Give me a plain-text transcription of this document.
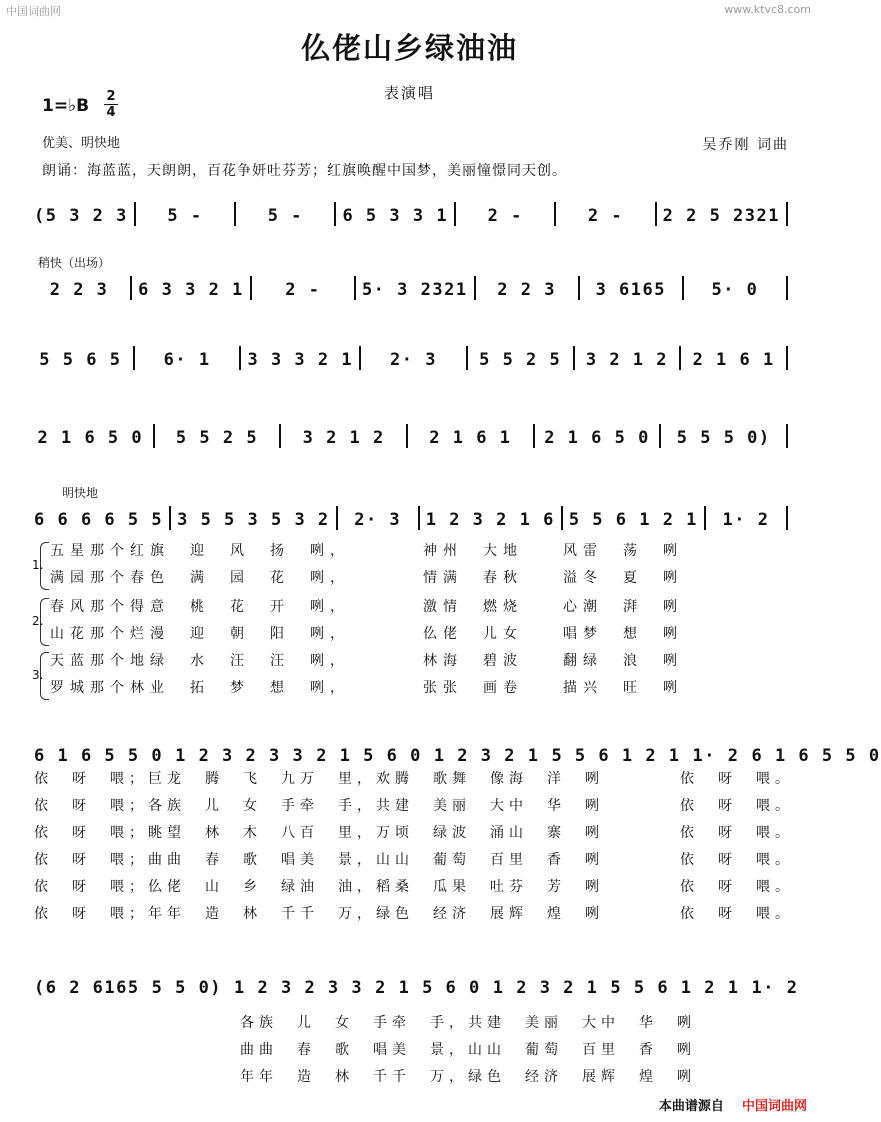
中国词曲网	www.ktvc8.com
仫佬山乡绿油油
表演唱
1=♭B 2
4
优美、明快地	吴乔刚 词曲
朗诵：海蓝蓝，天朗朗，百花争妍吐芬芳；红旗唤醒中国梦，美丽憧憬同天创。
(5 3 2 3	5 -	5 -	6 5 3 3 1	2 -	2 -	2 2 5 2321
稍快（出场）
2 2 3	6 3 3 2 1	2 -	5· 3 2321	2 2 3	3 6165	5· 0
5 5 6 5	6· 1	3 3 3 2 1	2· 3	5 5 2 5	3 2 1 2	2 1 6 1
2 1 6 5 0	5 5 2 5	3 2 1 2	2 1 6 1	2 1 6 5 0	5 5 5 0)
明快地
6 6 6 6 5 5 3 5 5 3 5 3 2	2· 3	1 2 3 2 1 6 5 5 6 1 2 1	1· 2
1.
五星那个红旗　迎　风　扬　咧，　　　　神州　大地　　风雷　荡　咧
满园那个春色　满　园　花　咧，　　　　情满　春秋　　溢冬　夏　咧
2.
春风那个得意　桃　花　开　咧，　　　　激情　燃烧　　心潮　湃　咧
山花那个烂漫　迎　朝　阳　咧，　　　　仫佬　儿女　　唱梦　想　咧
3.
天蓝那个地绿　水　汪　汪　咧，　　　　林海　碧波　　翻绿　浪　咧
罗城那个林业　拓　梦　想　咧，　　　　张张　画卷　　描兴　旺　咧
6 1 6 5 5 0 1 2 3 2 3 3 2 1 5 6 0 1 2 3 2 1 5 5 6 1 2 1 1· 2 6 1 6 5 5 0
依　呀　喂；巨龙　腾　飞　九万　里，欢腾　歌舞　像海　洋　咧　　　　依　呀　喂。
依　呀　喂；各族　儿　女　手牵　手，共建　美丽　大中　华　咧　　　　依　呀　喂。
依　呀　喂；眺望　林　木　八百　里，万顷　绿波　涌山　寨　咧　　　　依　呀　喂。
依　呀　喂；曲曲　春　歌　唱美　景，山山　葡萄　百里　香　咧　　　　依　呀　喂。
依　呀　喂；仫佬　山　乡　绿油　油，稻桑　瓜果　吐芬　芳　咧　　　　依　呀　喂。
依　呀　喂；年年　造　林　千千　万，绿色　经济　展辉　煌　咧　　　　依　呀　喂。
(6 2 6165 5 5 0) 1 2 3 2 3 3 2 1 5 6 0 1 2 3 2 1 5 5 6 1 2 1 1· 2
各族　儿　女　手牵　手，共建　美丽　大中　华　咧
曲曲　春　歌　唱美　景，山山　葡萄　百里　香　咧
年年　造　林　千千　万，绿色　经济　展辉　煌　咧
本曲谱源自 中国词曲网
